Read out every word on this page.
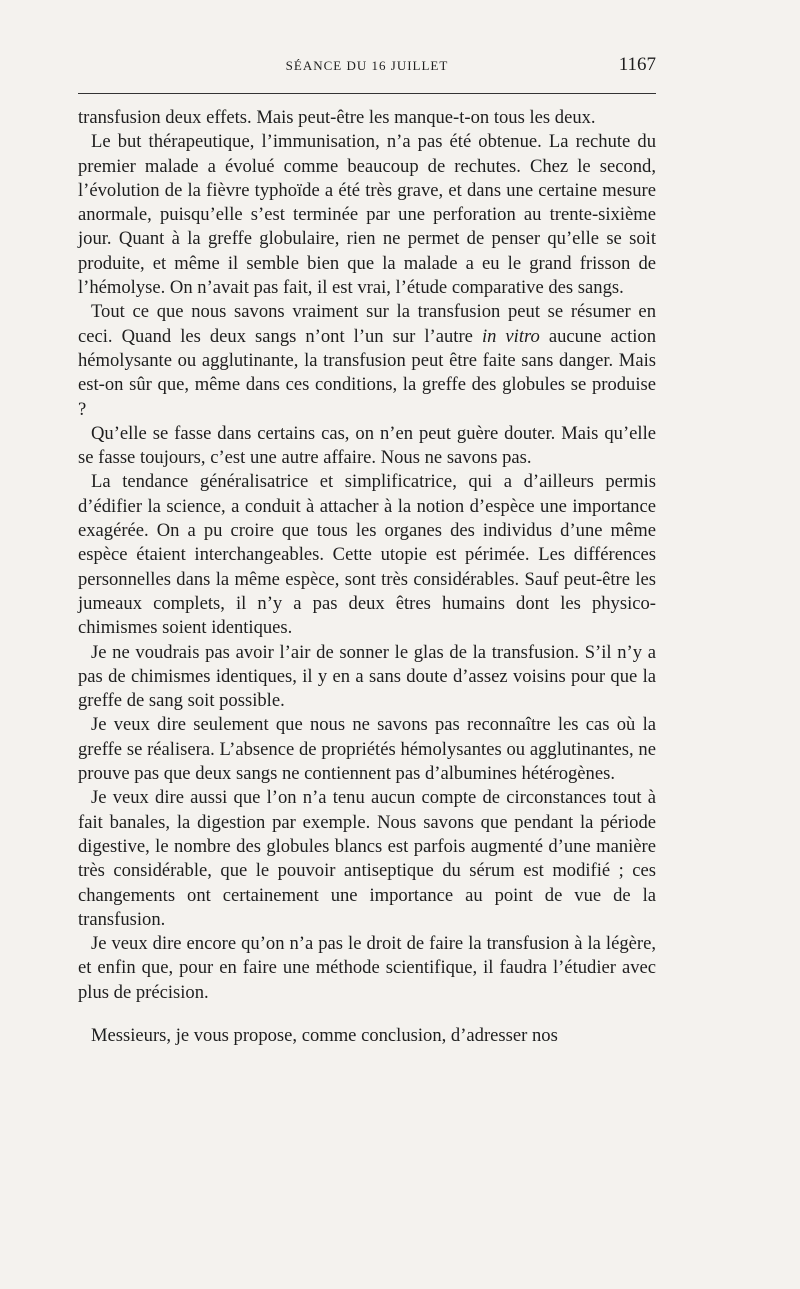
SÉANCE DU 16 JUILLET	1167

transfusion deux effets. Mais peut-être les manque-t-on tous les deux.

Le but thérapeutique, l’immunisation, n’a pas été obtenue. La rechute du premier malade a évolué comme beaucoup de rechutes. Chez le second, l’évolution de la fièvre typhoïde a été très grave, et dans une certaine mesure anormale, puisqu’elle s’est terminée par une perforation au trente-sixième jour. Quant à la greffe globulaire, rien ne permet de penser qu’elle se soit produite, et même il semble bien que la malade a eu le grand frisson de l’hémolyse. On n’avait pas fait, il est vrai, l’étude comparative des sangs.

Tout ce que nous savons vraiment sur la transfusion peut se résumer en ceci. Quand les deux sangs n’ont l’un sur l’autre in vitro aucune action hémolysante ou agglutinante, la transfusion peut être faite sans danger. Mais est-on sûr que, même dans ces conditions, la greffe des globules se produise ?

Qu’elle se fasse dans certains cas, on n’en peut guère douter. Mais qu’elle se fasse toujours, c’est une autre affaire. Nous ne savons pas.

La tendance généralisatrice et simplificatrice, qui a d’ailleurs permis d’édifier la science, a conduit à attacher à la notion d’espèce une importance exagérée. On a pu croire que tous les organes des individus d’une même espèce étaient interchangeables. Cette utopie est périmée. Les différences personnelles dans la même espèce, sont très considérables. Sauf peut-être les jumeaux complets, il n’y a pas deux êtres humains dont les physico-chimismes soient identiques.

Je ne voudrais pas avoir l’air de sonner le glas de la transfusion. S’il n’y a pas de chimismes identiques, il y en a sans doute d’assez voisins pour que la greffe de sang soit possible.

Je veux dire seulement que nous ne savons pas reconnaître les cas où la greffe se réalisera. L’absence de propriétés hémolysantes ou agglutinantes, ne prouve pas que deux sangs ne contiennent pas d’albumines hétérogènes.

Je veux dire aussi que l’on n’a tenu aucun compte de circonstances tout à fait banales, la digestion par exemple. Nous savons que pendant la période digestive, le nombre des globules blancs est parfois augmenté d’une manière très considérable, que le pouvoir antiseptique du sérum est modifié ; ces changements ont certainement une importance au point de vue de la transfusion.

Je veux dire encore qu’on n’a pas le droit de faire la transfusion à la légère, et enfin que, pour en faire une méthode scientifique, il faudra l’étudier avec plus de précision.

Messieurs, je vous propose, comme conclusion, d’adresser nos
